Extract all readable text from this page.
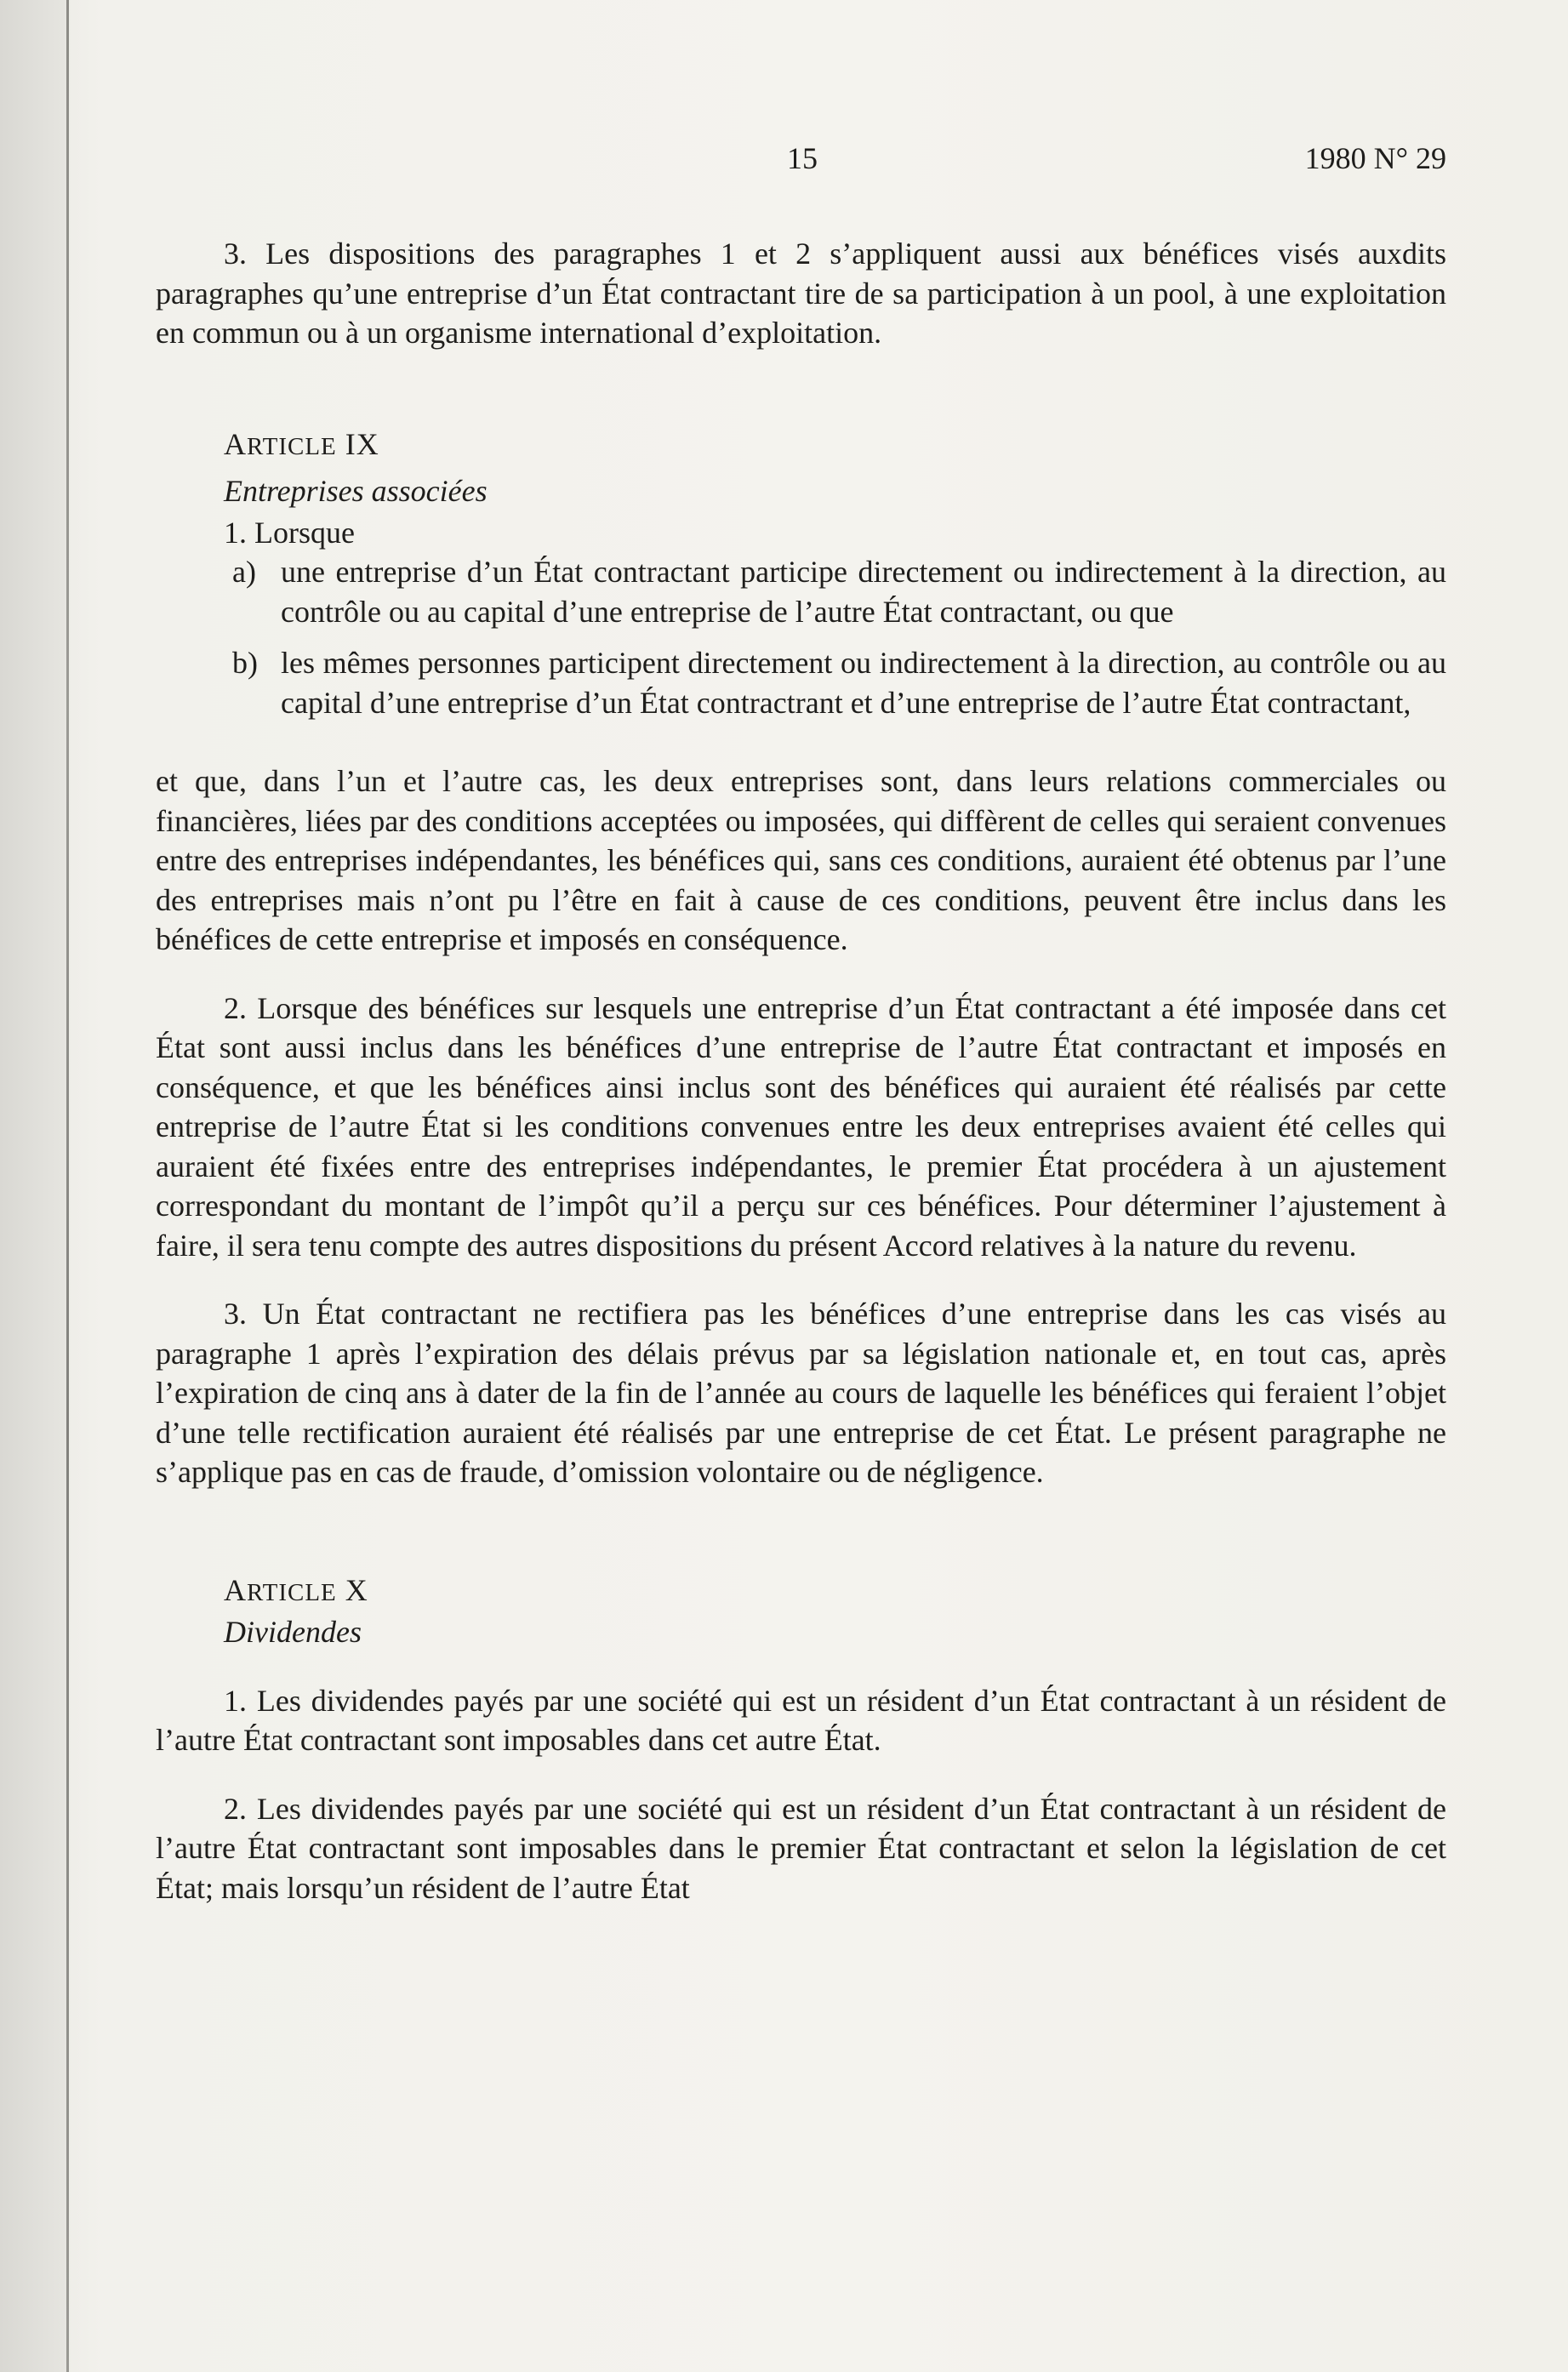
15	1980 N° 29

3. Les dispositions des paragraphes 1 et 2 s’appliquent aussi aux bénéfices visés auxdits paragraphes qu’une entreprise d’un État contractant tire de sa participation à un pool, à une exploitation en commun ou à un organisme international d’exploitation.

ARTICLE IX

Entreprises associées

1. Lorsque

a) une entreprise d’un État contractant participe directement ou indirectement à la direction, au contrôle ou au capital d’une entreprise de l’autre État contractant, ou que
b) les mêmes personnes participent directement ou indirectement à la direction, au contrôle ou au capital d’une entreprise d’un État contractrant et d’une entreprise de l’autre État contractant,

et que, dans l’un et l’autre cas, les deux entreprises sont, dans leurs relations commerciales ou financières, liées par des conditions acceptées ou imposées, qui diffèrent de celles qui seraient convenues entre des entreprises indépendantes, les bénéfices qui, sans ces conditions, auraient été obtenus par l’une des entreprises mais n’ont pu l’être en fait à cause de ces conditions, peuvent être inclus dans les bénéfices de cette entreprise et imposés en conséquence.

2. Lorsque des bénéfices sur lesquels une entreprise d’un État contractant a été imposée dans cet État sont aussi inclus dans les bénéfices d’une entreprise de l’autre État contractant et imposés en conséquence, et que les bénéfices ainsi inclus sont des bénéfices qui auraient été réalisés par cette entreprise de l’autre État si les conditions convenues entre les deux entreprises avaient été celles qui auraient été fixées entre des entreprises indépendantes, le premier État procédera à un ajustement correspondant du montant de l’impôt qu’il a perçu sur ces bénéfices. Pour déterminer l’ajustement à faire, il sera tenu compte des autres dispositions du présent Accord relatives à la nature du revenu.

3. Un État contractant ne rectifiera pas les bénéfices d’une entreprise dans les cas visés au paragraphe 1 après l’expiration des délais prévus par sa législation nationale et, en tout cas, après l’expiration de cinq ans à dater de la fin de l’année au cours de laquelle les bénéfices qui feraient l’objet d’une telle rectification auraient été réalisés par une entreprise de cet État. Le présent paragraphe ne s’applique pas en cas de fraude, d’omission volontaire ou de négligence.

ARTICLE X

Dividendes

1. Les dividendes payés par une société qui est un résident d’un État contractant à un résident de l’autre État contractant sont imposables dans cet autre État.

2. Les dividendes payés par une société qui est un résident d’un État contractant à un résident de l’autre État contractant sont imposables dans le premier État contractant et selon la législation de cet État; mais lorsqu’un résident de l’autre État
